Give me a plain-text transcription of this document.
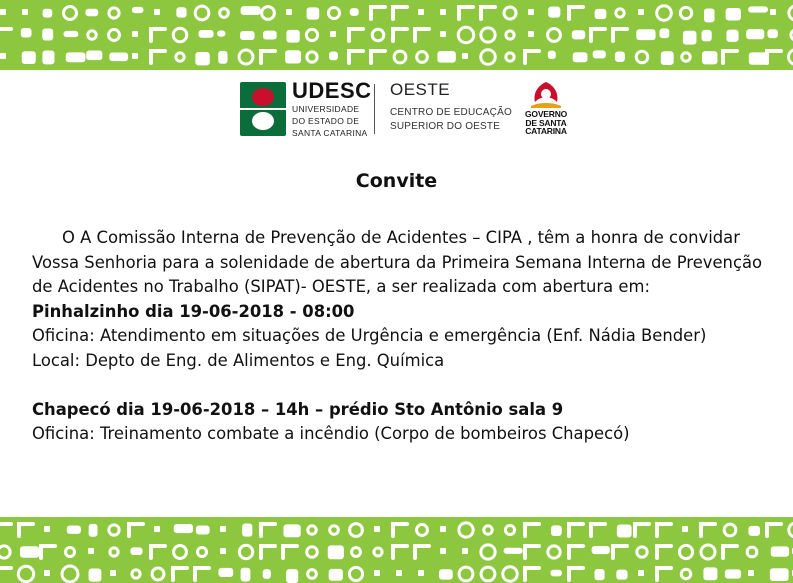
UDESC
UNIVERSIDADE
DO ESTADO DE
SANTA CATARINA
OESTE
CENTRO DE EDUCAÇÃO
SUPERIOR DO OESTE
GOVERNO
DE SANTA
CATARINA
Convite

O A Comissão Interna de Prevenção de Acidentes – CIPA , têm a honra de convidar Vossa Senhoria para a solenidade de abertura da Primeira Semana Interna de Prevenção de Acidentes no Trabalho (SIPAT)- OESTE, a ser realizada com abertura em:

Pinhalzinho dia 19-06-2018 - 08:00

Oficina: Atendimento em situações de Urgência e emergência (Enf. Nádia Bender)

Local: Depto de Eng. de Alimentos e Eng. Química

Chapecó dia 19-06-2018 – 14h – prédio Sto Antônio sala 9

Oficina: Treinamento combate a incêndio (Corpo de bombeiros Chapecó)
